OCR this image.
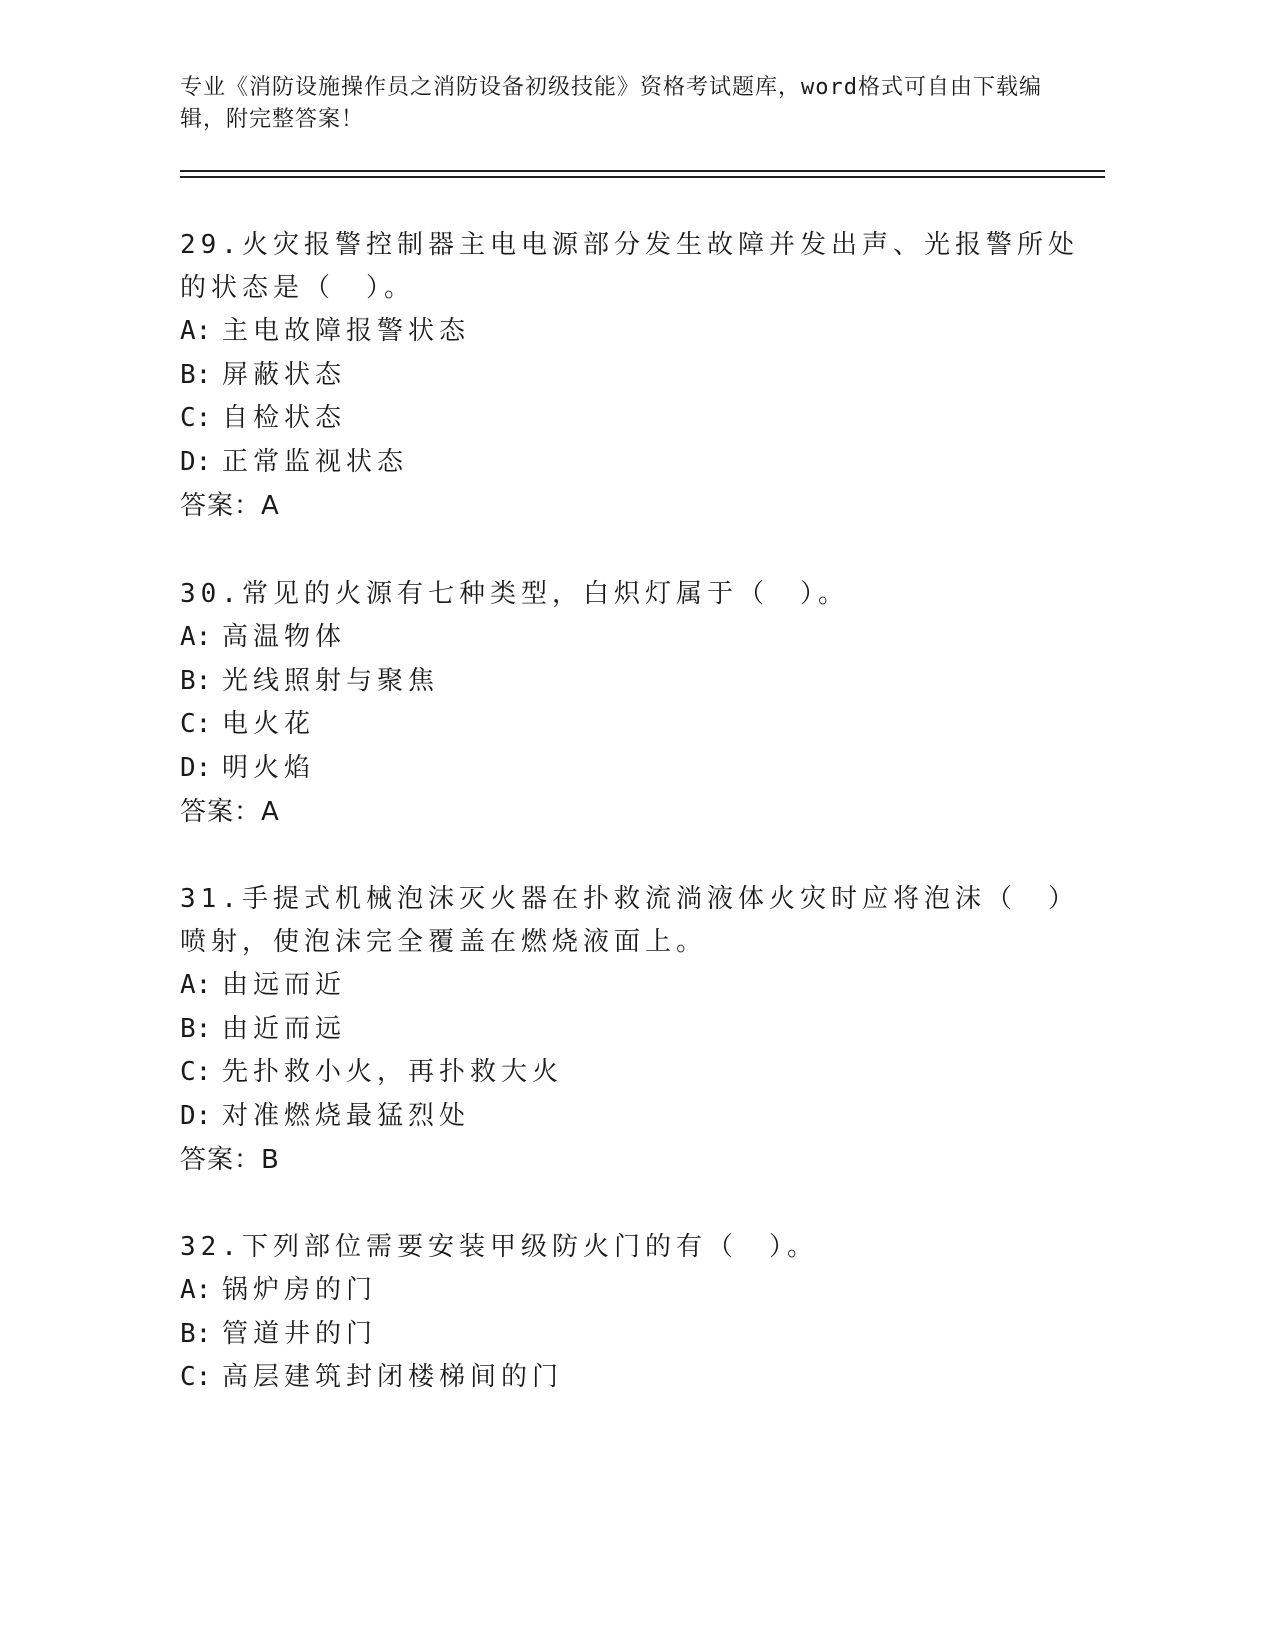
专业《消防设施操作员之消防设备初级技能》资格考试题库，word格式可自由下载编辑，附完整答案！

29.火灾报警控制器主电电源部分发生故障并发出声、光报警所处的状态是（　）。

A: 主电故障报警状态

B: 屏蔽状态

C: 自检状态

D: 正常监视状态

答案：A

30.常见的火源有七种类型，白炽灯属于（　）。

A: 高温物体

B: 光线照射与聚焦

C: 电火花

D: 明火焰

答案：A

31.手提式机械泡沫灭火器在扑救流淌液体火灾时应将泡沫（　）喷射，使泡沫完全覆盖在燃烧液面上。

A: 由远而近

B: 由近而远

C: 先扑救小火，再扑救大火

D: 对准燃烧最猛烈处

答案：B

32.下列部位需要安装甲级防火门的有（　）。

A: 锅炉房的门

B: 管道井的门

C: 高层建筑封闭楼梯间的门
